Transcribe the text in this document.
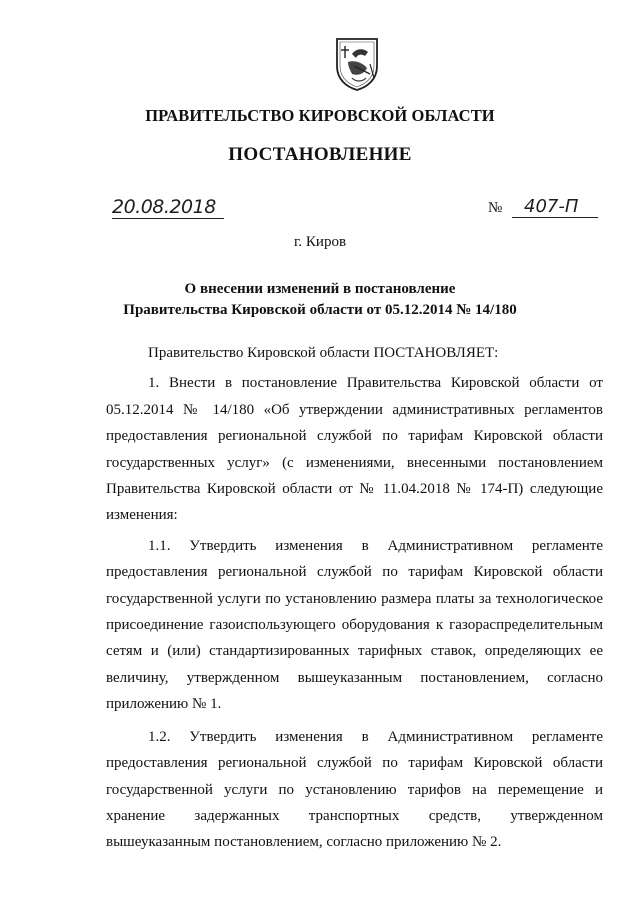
ПРАВИТЕЛЬСТВО КИРОВСКОЙ ОБЛАСТИ
ПОСТАНОВЛЕНИЕ
20.08.2018	№	407-П

г. Киров

О внесении изменений в постановление
Правительства Кировской области от 05.12.2014 № 14/180

Правительство Кировской области ПОСТАНОВЛЯЕТ:

1. Внести в постановление Правительства Кировской области от 05.12.2014 № 14/180 «Об утверждении административных регламентов предоставления региональной службой по тарифам Кировской области государственных услуг» (с изменениями, внесенными постановлением Правительства Кировской области от № 11.04.2018 № 174-П) следующие изменения:

1.1. Утвердить изменения в Административном регламенте предоставления региональной службой по тарифам Кировской области государственной услуги по установлению размера платы за технологическое присоединение газоиспользующего оборудования к газораспределительным сетям и (или) стандартизированных тарифных ставок, определяющих ее величину, утвержденном вышеуказанным постановлением, согласно приложению № 1.

1.2. Утвердить изменения в Административном регламенте предоставления региональной службой по тарифам Кировской области государственной услуги по установлению тарифов на перемещение и хранение задержанных транспортных средств, утвержденном вышеуказанным постановлением, согласно приложению № 2.
